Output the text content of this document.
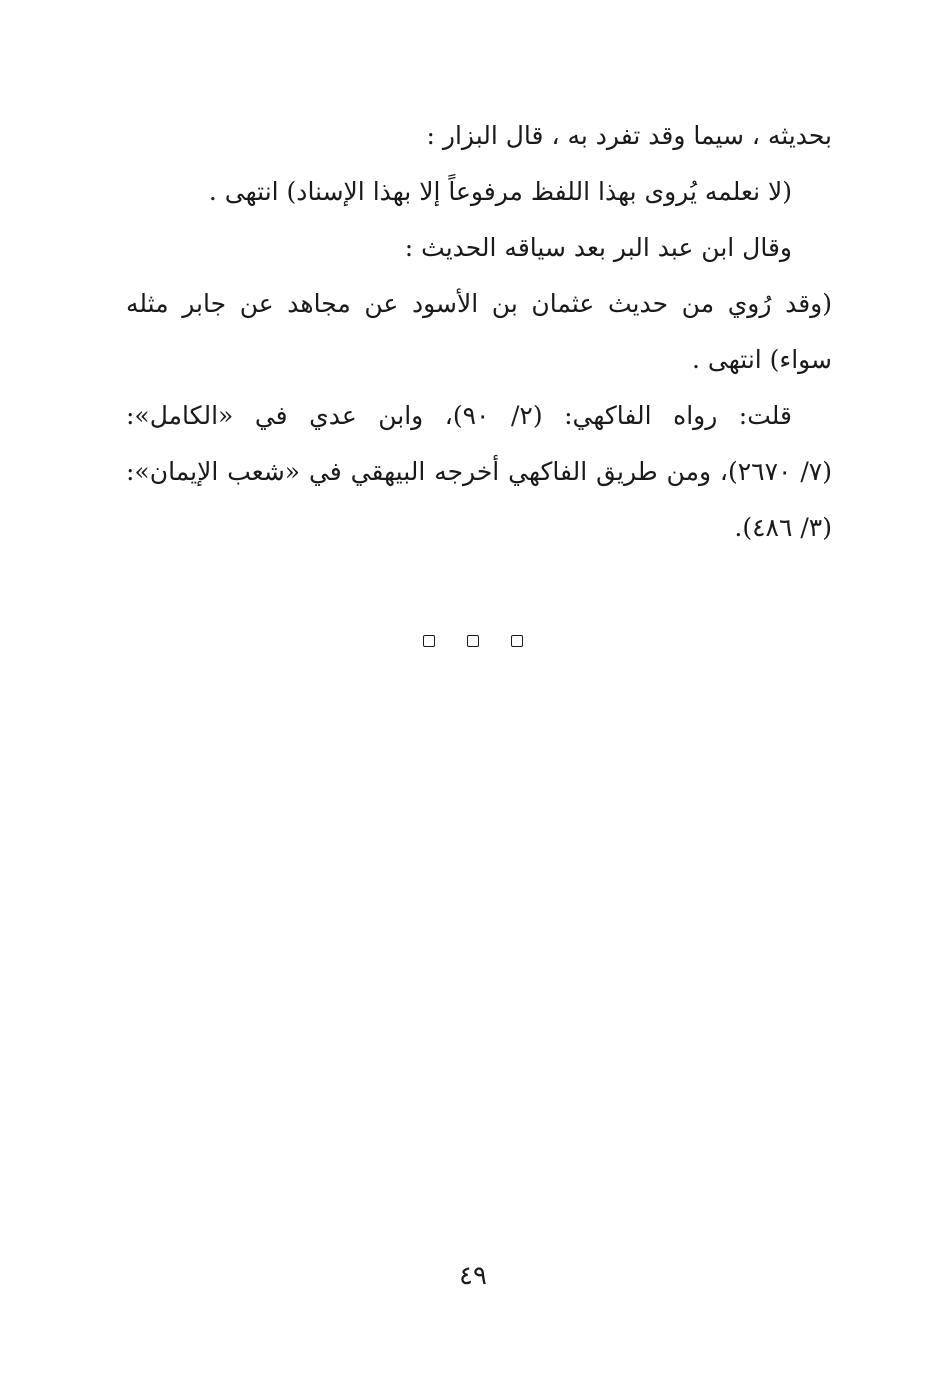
بحديثه ، سيما وقد تفرد به ، قال البزار :
(لا نعلمه يُروى بهذا اللفظ مرفوعاً إلا بهذا الإسناد) انتهى .
وقال ابن عبد البر بعد سياقه الحديث :
(وقد رُوي من حديث عثمان بن الأسود عن مجاهد عن جابر مثله
سواء) انتهى .
قلت: رواه الفاكهي: (٢/ ٩٠)، وابن عدي في «الكامل»:
(٧/ ٢٦٧٠)، ومن طريق الفاكهي أخرجه البيهقي في «شعب الإيمان»:
(٣/ ٤٨٦).
٤٩
